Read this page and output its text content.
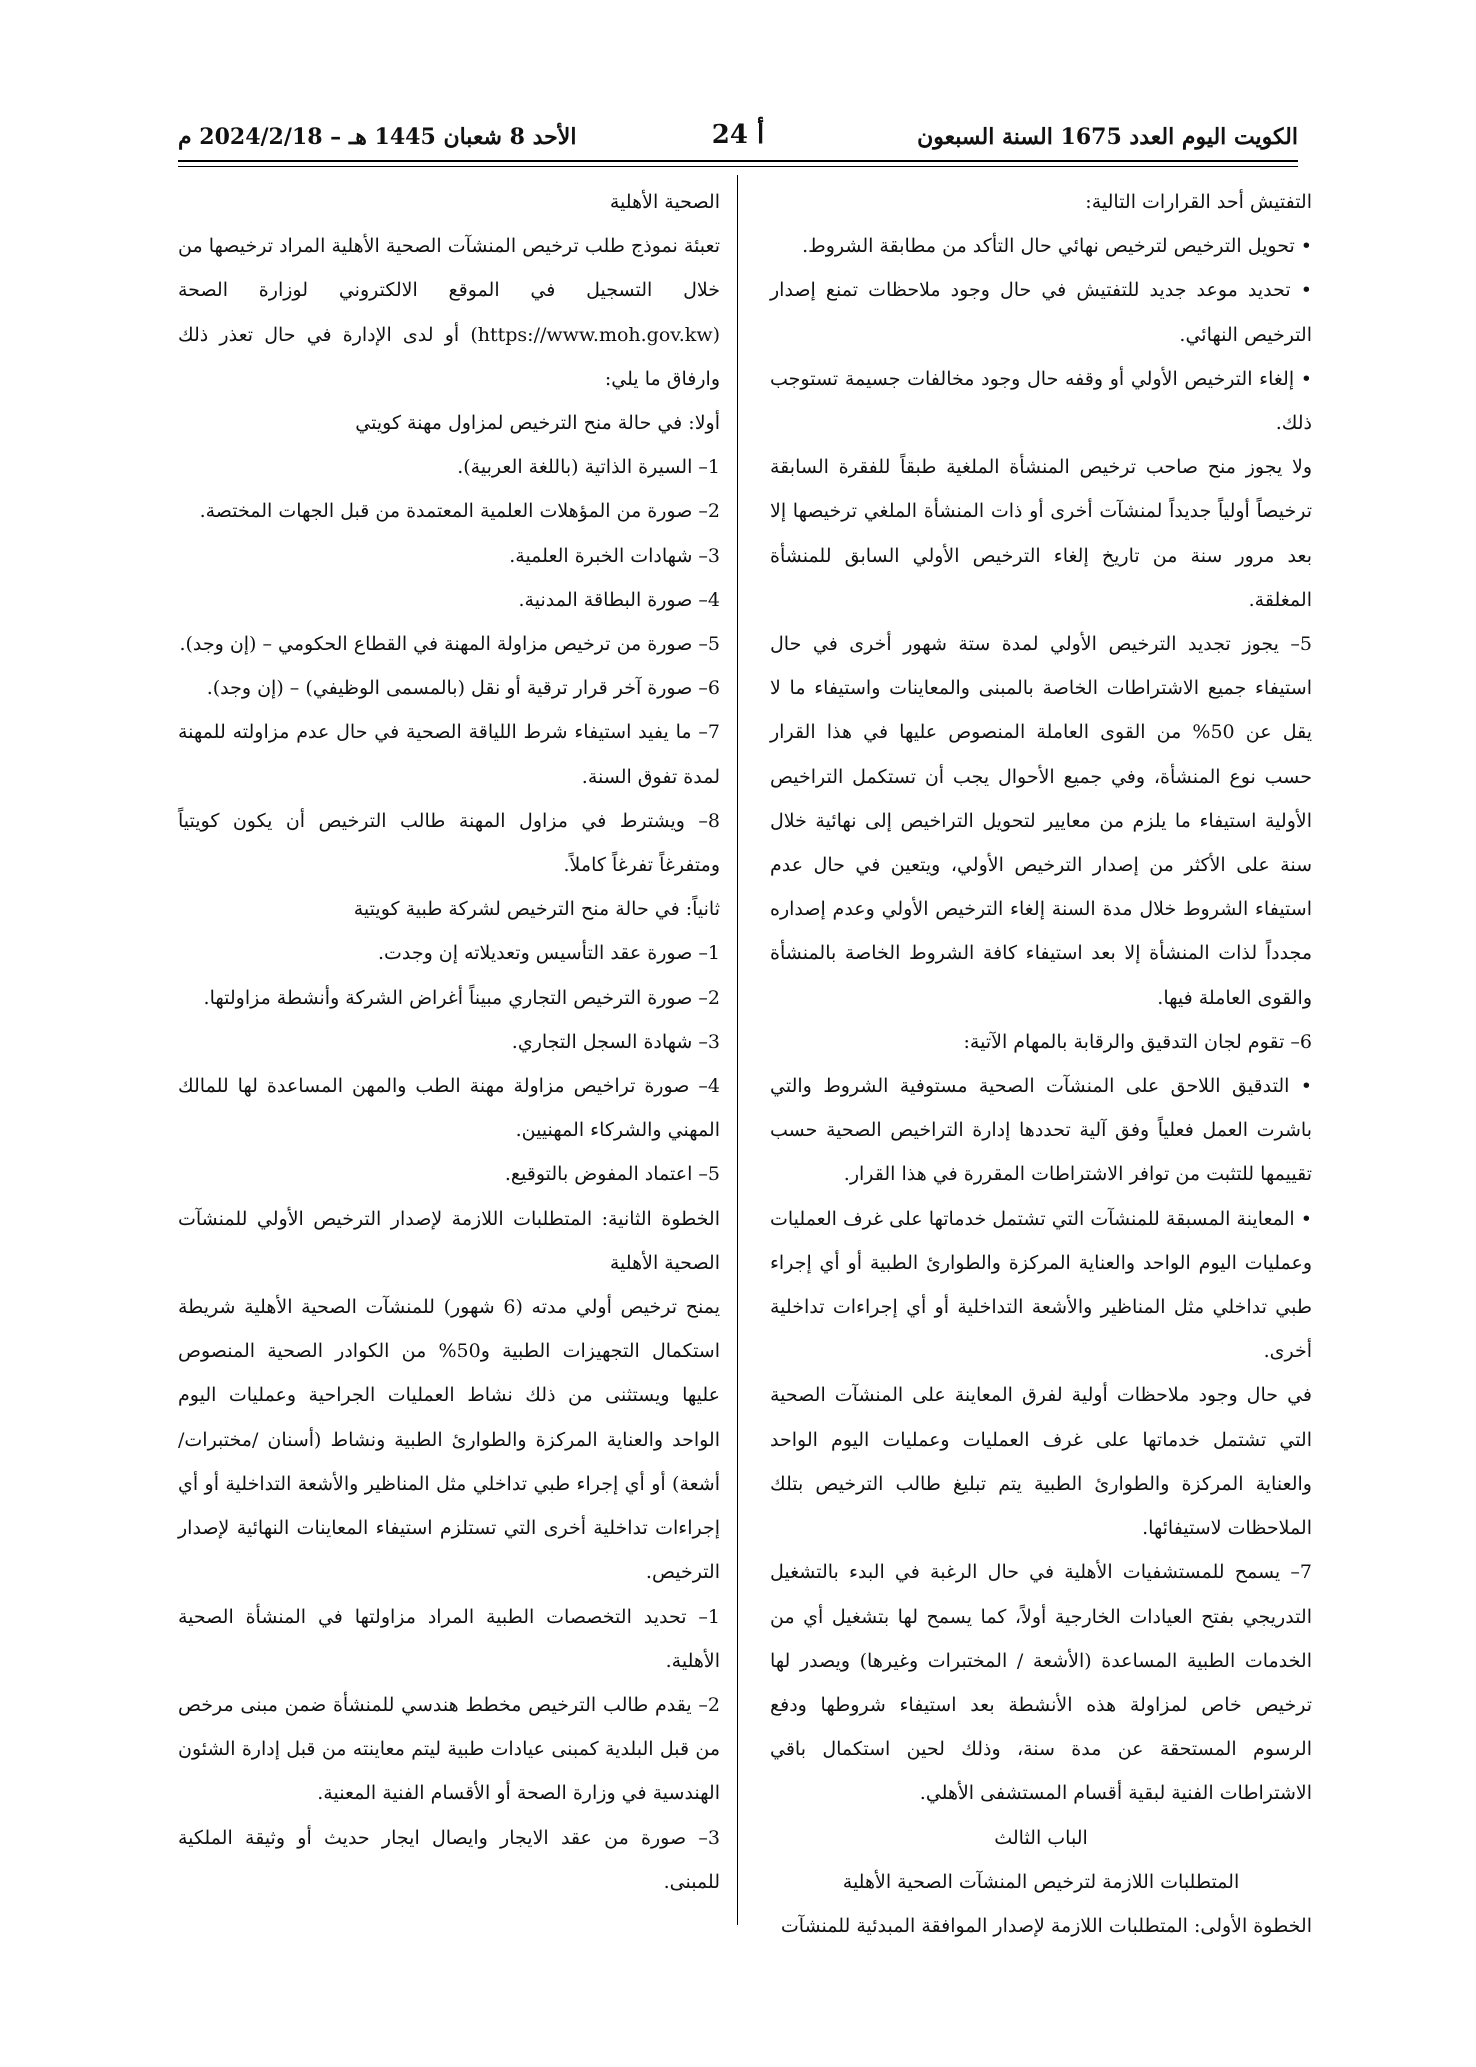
الكويت اليوم العدد 1675 السنة السبعون
أ 24
الأحد 8 شعبان 1445 هـ – 2024/2/18 م

التفتيش أحد القرارات التالية:

• تحويل الترخيص لترخيص نهائي حال التأكد من مطابقة الشروط.

• تحديد موعد جديد للتفتيش في حال وجود ملاحظات تمنع إصدار الترخيص النهائي.

• إلغاء الترخيص الأولي أو وقفه حال وجود مخالفات جسيمة تستوجب ذلك.

ولا يجوز منح صاحب ترخيص المنشأة الملغية طبقاً للفقرة السابقة ترخيصاً أولياً جديداً لمنشآت أخرى أو ذات المنشأة الملغي ترخيصها إلا بعد مرور سنة من تاريخ إلغاء الترخيص الأولي السابق للمنشأة المغلقة.

5– يجوز تجديد الترخيص الأولي لمدة ستة شهور أخرى في حال استيفاء جميع الاشتراطات الخاصة بالمبنى والمعاينات واستيفاء ما لا يقل عن 50% من القوى العاملة المنصوص عليها في هذا القرار حسب نوع المنشأة، وفي جميع الأحوال يجب أن تستكمل التراخيص الأولية استيفاء ما يلزم من معايير لتحويل التراخيص إلى نهائية خلال سنة على الأكثر من إصدار الترخيص الأولي، ويتعين في حال عدم استيفاء الشروط خلال مدة السنة إلغاء الترخيص الأولي وعدم إصداره مجدداً لذات المنشأة إلا بعد استيفاء كافة الشروط الخاصة بالمنشأة والقوى العاملة فيها.

6– تقوم لجان التدقيق والرقابة بالمهام الآتية:

• التدقيق اللاحق على المنشآت الصحية مستوفية الشروط والتي باشرت العمل فعلياً وفق آلية تحددها إدارة التراخيص الصحية حسب تقييمها للتثبت من توافر الاشتراطات المقررة في هذا القرار.

• المعاينة المسبقة للمنشآت التي تشتمل خدماتها على غرف العمليات وعمليات اليوم الواحد والعناية المركزة والطوارئ الطبية أو أي إجراء طبي تداخلي مثل المناظير والأشعة التداخلية أو أي إجراءات تداخلية أخرى.

في حال وجود ملاحظات أولية لفرق المعاينة على المنشآت الصحية التي تشتمل خدماتها على غرف العمليات وعمليات اليوم الواحد والعناية المركزة والطوارئ الطبية يتم تبليغ طالب الترخيص بتلك الملاحظات لاستيفائها.

7– يسمح للمستشفيات الأهلية في حال الرغبة في البدء بالتشغيل التدريجي بفتح العيادات الخارجية أولاً، كما يسمح لها بتشغيل أي من الخدمات الطبية المساعدة (الأشعة / المختبرات وغيرها) ويصدر لها ترخيص خاص لمزاولة هذه الأنشطة بعد استيفاء شروطها ودفع الرسوم المستحقة عن مدة سنة، وذلك لحين استكمال باقي الاشتراطات الفنية لبقية أقسام المستشفى الأهلي.

الباب الثالث

المتطلبات اللازمة لترخيص المنشآت الصحية الأهلية

الخطوة الأولى: المتطلبات اللازمة لإصدار الموافقة المبدئية للمنشآت

الصحية الأهلية

تعبئة نموذج طلب ترخيص المنشآت الصحية الأهلية المراد ترخيصها من خلال التسجيل في الموقع الالكتروني لوزارة الصحة (https://www.moh.gov.kw) أو لدى الإدارة في حال تعذر ذلك وارفاق ما يلي:

أولا: في حالة منح الترخيص لمزاول مهنة كويتي

1– السيرة الذاتية (باللغة العربية).

2– صورة من المؤهلات العلمية المعتمدة من قبل الجهات المختصة.

3– شهادات الخبرة العلمية.

4– صورة البطاقة المدنية.

5– صورة من ترخيص مزاولة المهنة في القطاع الحكومي – (إن وجد).

6– صورة آخر قرار ترقية أو نقل (بالمسمى الوظيفي) – (إن وجد).

7– ما يفيد استيفاء شرط اللياقة الصحية في حال عدم مزاولته للمهنة لمدة تفوق السنة.

8– ويشترط في مزاول المهنة طالب الترخيص أن يكون كويتياً ومتفرغاً تفرغاً كاملاً.

ثانياً: في حالة منح الترخيص لشركة طبية كويتية

1– صورة عقد التأسيس وتعديلاته إن وجدت.

2– صورة الترخيص التجاري مبيناً أغراض الشركة وأنشطة مزاولتها.

3– شهادة السجل التجاري.

4– صورة تراخيص مزاولة مهنة الطب والمهن المساعدة لها للمالك المهني والشركاء المهنيين.

5– اعتماد المفوض بالتوقيع.

الخطوة الثانية: المتطلبات اللازمة لإصدار الترخيص الأولي للمنشآت الصحية الأهلية

يمنح ترخيص أولي مدته (6 شهور) للمنشآت الصحية الأهلية شريطة استكمال التجهيزات الطبية و50% من الكوادر الصحية المنصوص عليها ويستثنى من ذلك نشاط العمليات الجراحية وعمليات اليوم الواحد والعناية المركزة والطوارئ الطبية ونشاط (أسنان /مختبرات/ أشعة) أو أي إجراء طبي تداخلي مثل المناظير والأشعة التداخلية أو أي إجراءات تداخلية أخرى التي تستلزم استيفاء المعاينات النهائية لإصدار الترخيص.

1– تحديد التخصصات الطبية المراد مزاولتها في المنشأة الصحية الأهلية.

2– يقدم طالب الترخيص مخطط هندسي للمنشأة ضمن مبنى مرخص من قبل البلدية كمبنى عيادات طبية ليتم معاينته من قبل إدارة الشئون الهندسية في وزارة الصحة أو الأقسام الفنية المعنية.

3– صورة من عقد الايجار وايصال ايجار حديث أو وثيقة الملكية للمبنى.
